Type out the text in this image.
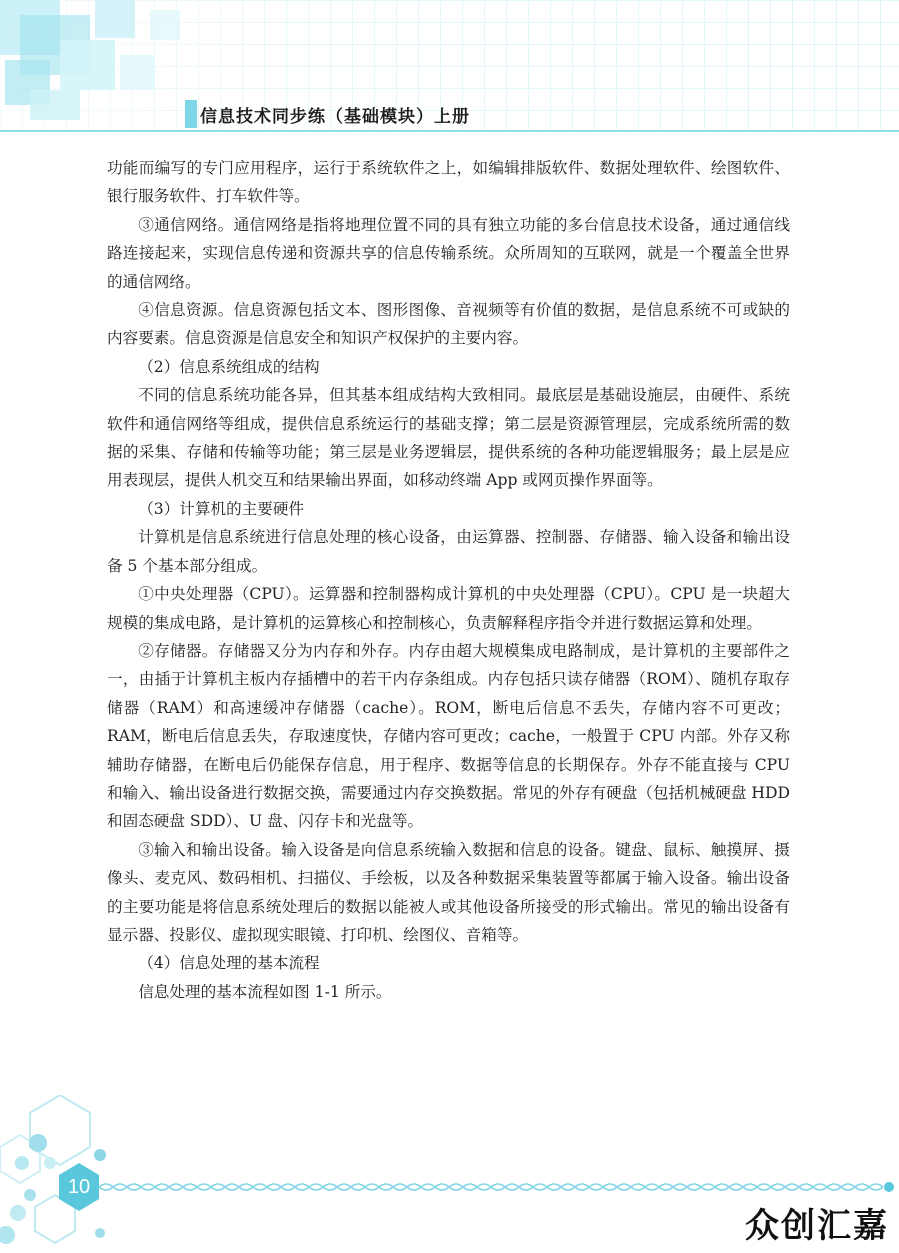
信息技术同步练（基础模块）上册

功能而编写的专门应用程序，运行于系统软件之上，如编辑排版软件、数据处理软件、绘图软件、银行服务软件、打车软件等。

③通信网络。通信网络是指将地理位置不同的具有独立功能的多台信息技术设备，通过通信线路连接起来，实现信息传递和资源共享的信息传输系统。众所周知的互联网，就是一个覆盖全世界的通信网络。

④信息资源。信息资源包括文本、图形图像、音视频等有价值的数据，是信息系统不可或缺的内容要素。信息资源是信息安全和知识产权保护的主要内容。

（2）信息系统组成的结构

不同的信息系统功能各异，但其基本组成结构大致相同。最底层是基础设施层，由硬件、系统软件和通信网络等组成，提供信息系统运行的基础支撑；第二层是资源管理层，完成系统所需的数据的采集、存储和传输等功能；第三层是业务逻辑层，提供系统的各种功能逻辑服务；最上层是应用表现层，提供人机交互和结果输出界面，如移动终端 App 或网页操作界面等。

（3）计算机的主要硬件

计算机是信息系统进行信息处理的核心设备，由运算器、控制器、存储器、输入设备和输出设备 5 个基本部分组成。

①中央处理器（CPU）。运算器和控制器构成计算机的中央处理器（CPU）。CPU 是一块超大规模的集成电路，是计算机的运算核心和控制核心，负责解释程序指令并进行数据运算和处理。

②存储器。存储器又分为内存和外存。内存由超大规模集成电路制成，是计算机的主要部件之一，由插于计算机主板内存插槽中的若干内存条组成。内存包括只读存储器（ROM）、随机存取存储器（RAM）和高速缓冲存储器（cache）。ROM，断电后信息不丢失，存储内容不可更改；RAM，断电后信息丢失，存取速度快，存储内容可更改；cache，一般置于 CPU 内部。外存又称辅助存储器，在断电后仍能保存信息，用于程序、数据等信息的长期保存。外存不能直接与 CPU 和输入、输出设备进行数据交换，需要通过内存交换数据。常见的外存有硬盘（包括机械硬盘 HDD 和固态硬盘 SDD）、U 盘、闪存卡和光盘等。

③输入和输出设备。输入设备是向信息系统输入数据和信息的设备。键盘、鼠标、触摸屏、摄像头、麦克风、数码相机、扫描仪、手绘板，以及各种数据采集装置等都属于输入设备。输出设备的主要功能是将信息系统处理后的数据以能被人或其他设备所接受的形式输出。常见的输出设备有显示器、投影仪、虚拟现实眼镜、打印机、绘图仪、音箱等。

（4）信息处理的基本流程

信息处理的基本流程如图 1-1 所示。

10
众创汇嘉
